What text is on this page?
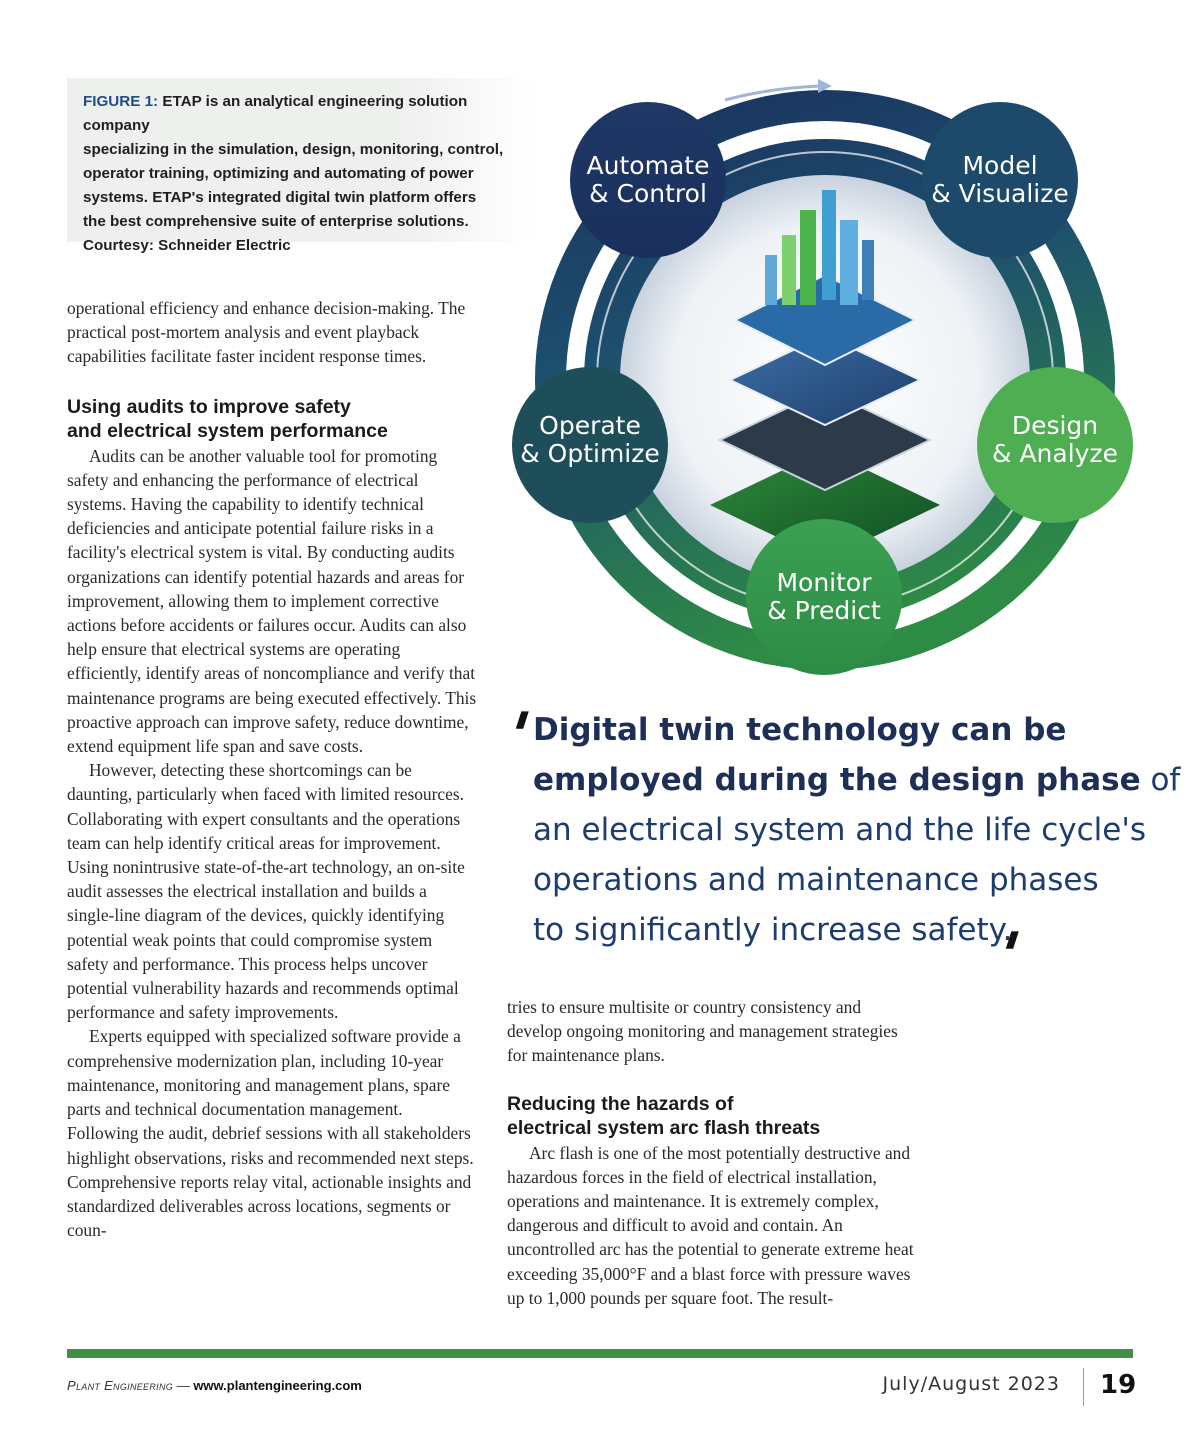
FIGURE 1: ETAP is an analytical engineering solution company
specializing in the simulation, design, monitoring, control,
operator training, optimizing and automating of power
systems. ETAP's integrated digital twin platform offers
the best comprehensive suite of enterprise solutions.
Courtesy: Schneider Electric

Automate
& Control
Model
& Visualize
Design
& Analyze
Monitor
& Predict
Operate
& Optimize

operational efficiency and enhance decision-making. The practical post-mortem analysis and event playback capabilities facilitate faster incident response times.

Using audits to improve safety
and electrical system performance

Audits can be another valuable tool for promoting safety and enhancing the performance of electrical systems. Having the capability to identify technical deficiencies and anticipate potential failure risks in a facility's electrical system is vital. By conducting audits organizations can identify potential hazards and areas for improvement, allowing them to implement corrective actions before accidents or failures occur. Audits can also help ensure that electrical systems are operating efficiently, identify areas of noncompliance and verify that maintenance programs are being executed effectively. This proactive approach can improve safety, reduce downtime, extend equipment life span and save costs.

However, detecting these shortcomings can be daunting, particularly when faced with limited resources. Collaborating with expert consultants and the operations team can help identify critical areas for improvement. Using nonintrusive state-of-the-art technology, an on-site audit assesses the electrical installation and builds a single-line diagram of the devices, quickly identifying potential weak points that could compromise system safety and performance. This process helps uncover potential vulnerability hazards and recommends optimal performance and safety improvements.

Experts equipped with specialized software provide a comprehensive modernization plan, including 10-year maintenance, monitoring and management plans, spare parts and technical documentation management. Following the audit, debrief sessions with all stakeholders highlight observations, risks and recommended next steps. Comprehensive reports relay vital, actionable insights and standardized deliverables across locations, segments or coun-

'
Digital twin technology can be
employed during the design phase of
an electrical system and the life cycle's
operations and maintenance phases
to significantly increase safety.
'

tries to ensure multisite or country consistency and develop ongoing monitoring and management strategies for maintenance plans.

Reducing the hazards of
electrical system arc flash threats

Arc flash is one of the most potentially destructive and hazardous forces in the field of electrical installation, operations and maintenance. It is extremely complex, dangerous and difficult to avoid and contain. An uncontrolled arc has the potential to generate extreme heat exceeding 35,000°F and a blast force with pressure waves up to 1,000 pounds per square foot. The result-

Plant Engineering — www.plantengineering.com	July/August 2023 19
